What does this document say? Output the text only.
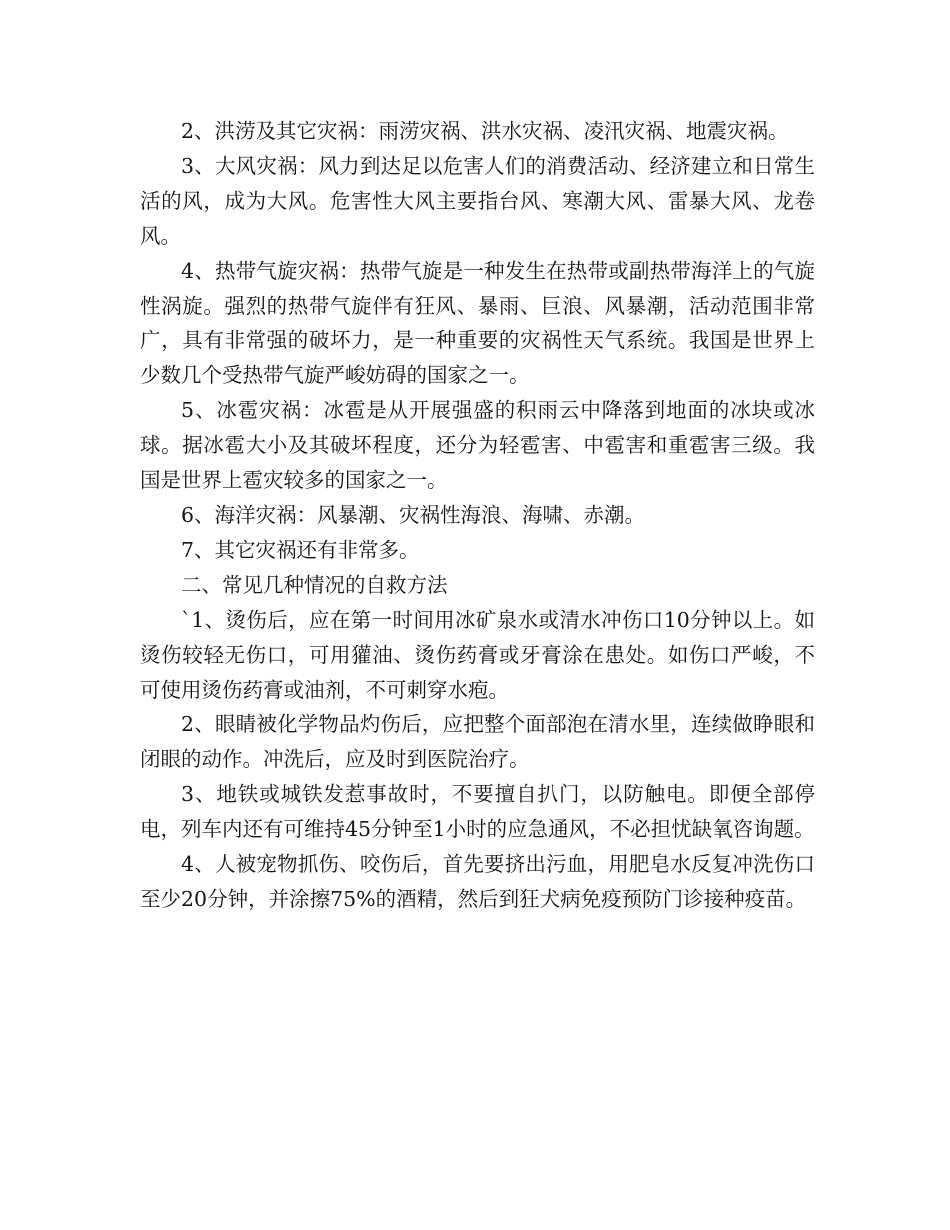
2、洪涝及其它灾祸：雨涝灾祸、洪水灾祸、凌汛灾祸、地震灾祸。

3、大风灾祸：风力到达足以危害人们的消费活动、经济建立和日常生活的风，成为大风。危害性大风主要指台风、寒潮大风、雷暴大风、龙卷风。

4、热带气旋灾祸：热带气旋是一种发生在热带或副热带海洋上的气旋性涡旋。强烈的热带气旋伴有狂风、暴雨、巨浪、风暴潮，活动范围非常广，具有非常强的破坏力，是一种重要的灾祸性天气系统。我国是世界上少数几个受热带气旋严峻妨碍的国家之一。

5、冰雹灾祸：冰雹是从开展强盛的积雨云中降落到地面的冰块或冰球。据冰雹大小及其破坏程度，还分为轻雹害、中雹害和重雹害三级。我国是世界上雹灾较多的国家之一。

6、海洋灾祸：风暴潮、灾祸性海浪、海啸、赤潮。

7、其它灾祸还有非常多。

二、常见几种情况的自救方法

`1、烫伤后，应在第一时间用冰矿泉水或清水冲伤口10分钟以上。如烫伤较轻无伤口，可用獾油、烫伤药膏或牙膏涂在患处。如伤口严峻，不可使用烫伤药膏或油剂，不可刺穿水疱。

2、眼睛被化学物品灼伤后，应把整个面部泡在清水里，连续做睁眼和闭眼的动作。冲洗后，应及时到医院治疗。

3、地铁或城铁发惹事故时，不要擅自扒门，以防触电。即便全部停电，列车内还有可维持45分钟至1小时的应急通风，不必担忧缺氧咨询题。

4、人被宠物抓伤、咬伤后，首先要挤出污血，用肥皂水反复冲洗伤口至少20分钟，并涂擦75%的酒精，然后到狂犬病免疫预防门诊接种疫苗。
